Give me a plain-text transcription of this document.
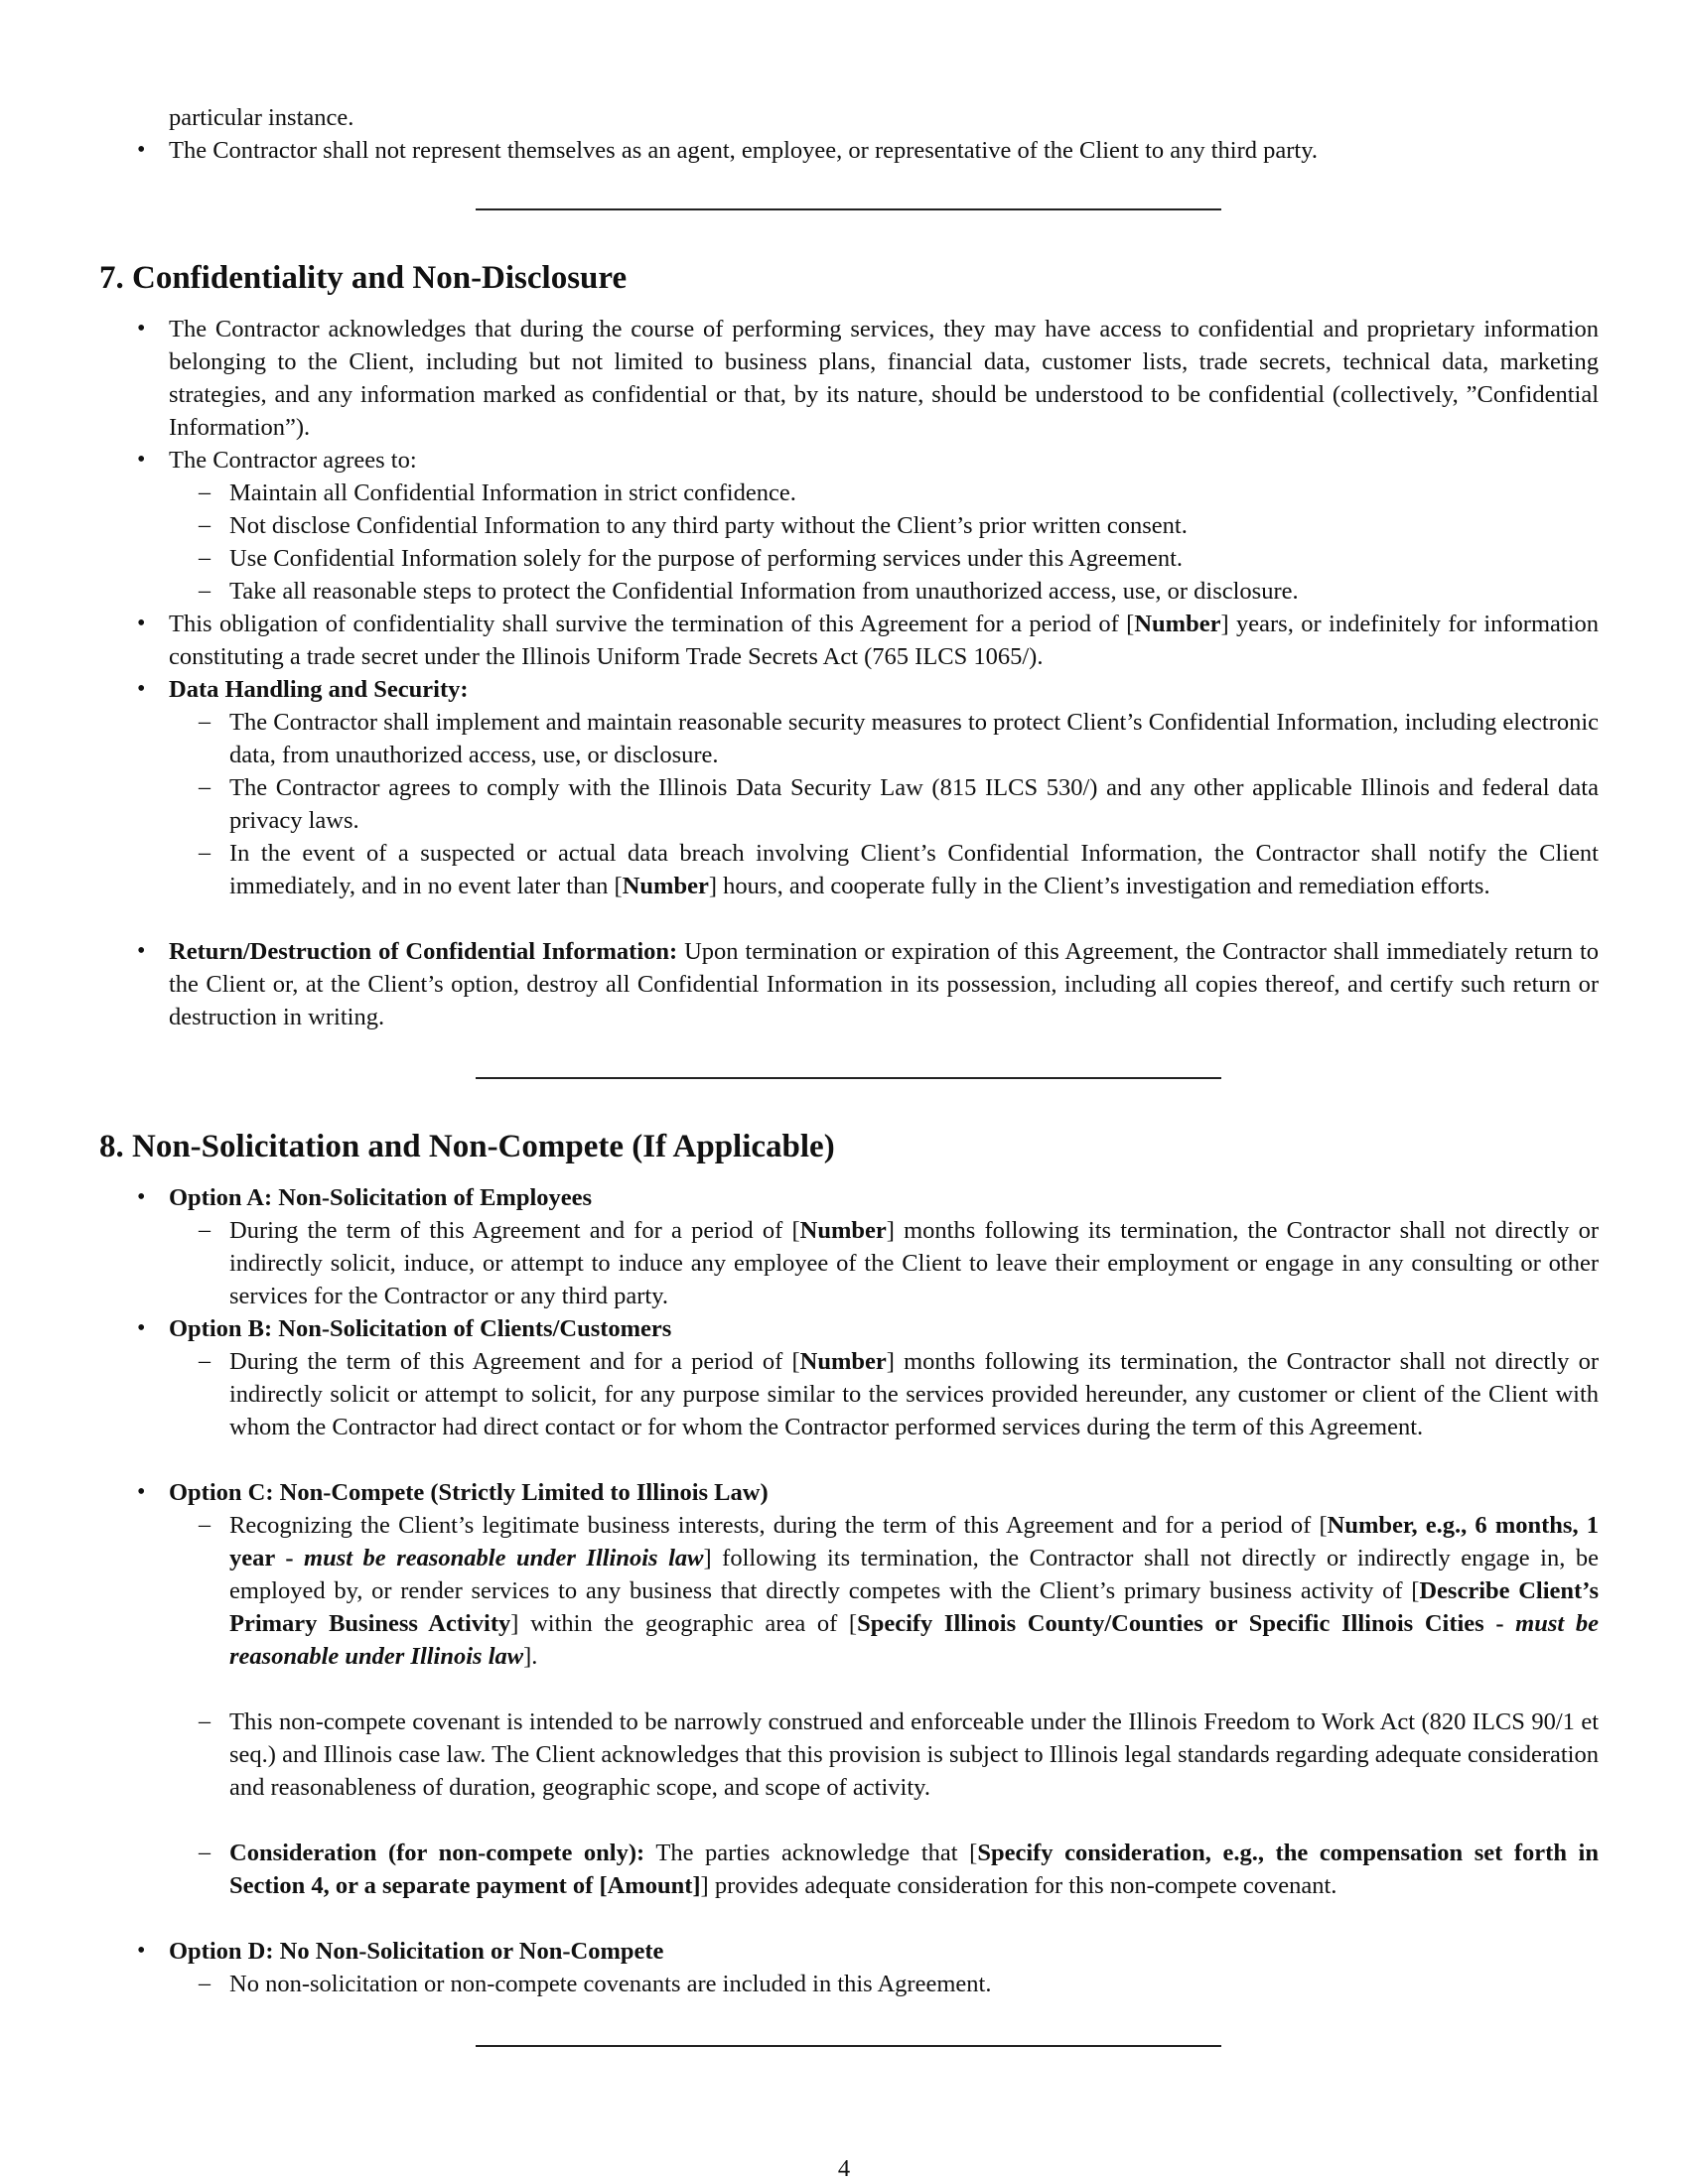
particular instance.
• The Contractor shall not represent themselves as an agent, employee, or representative of the Client to any third party.
7. Confidentiality and Non-Disclosure
• The Contractor acknowledges that during the course of performing services, they may have access to confidential and proprietary information belonging to the Client, including but not limited to business plans, financial data, customer lists, trade secrets, technical data, marketing strategies, and any information marked as confidential or that, by its nature, should be understood to be confidential (collectively, ”Confidential Information”).
• The Contractor agrees to:
– Maintain all Confidential Information in strict confidence.
– Not disclose Confidential Information to any third party without the Client’s prior written consent.
– Use Confidential Information solely for the purpose of performing services under this Agreement.
– Take all reasonable steps to protect the Confidential Information from unauthorized access, use, or disclosure.
• This obligation of confidentiality shall survive the termination of this Agreement for a period of [Number] years, or indefinitely for information constituting a trade secret under the Illinois Uniform Trade Secrets Act (765 ILCS 1065/).
• Data Handling and Security:
– The Contractor shall implement and maintain reasonable security measures to protect Client’s Confidential Information, including electronic data, from unauthorized access, use, or disclosure.
– The Contractor agrees to comply with the Illinois Data Security Law (815 ILCS 530/) and any other applicable Illinois and federal data privacy laws.
– In the event of a suspected or actual data breach involving Client’s Confidential Information, the Contractor shall notify the Client immediately, and in no event later than [Number] hours, and cooperate fully in the Client’s investigation and remediation efforts.
• Return/Destruction of Confidential Information: Upon termination or expiration of this Agreement, the Contractor shall immediately return to the Client or, at the Client’s option, destroy all Confidential Information in its possession, including all copies thereof, and certify such return or destruction in writing.
8. Non-Solicitation and Non-Compete (If Applicable)
• Option A: Non-Solicitation of Employees
– During the term of this Agreement and for a period of [Number] months following its termination, the Contractor shall not directly or indirectly solicit, induce, or attempt to induce any employee of the Client to leave their employment or engage in any consulting or other services for the Contractor or any third party.
• Option B: Non-Solicitation of Clients/Customers
– During the term of this Agreement and for a period of [Number] months following its termination, the Contractor shall not directly or indirectly solicit or attempt to solicit, for any purpose similar to the services provided hereunder, any customer or client of the Client with whom the Contractor had direct contact or for whom the Contractor performed services during the term of this Agreement.
• Option C: Non-Compete (Strictly Limited to Illinois Law)
– Recognizing the Client’s legitimate business interests, during the term of this Agreement and for a period of [Number, e.g., 6 months, 1 year - must be reasonable under Illinois law] following its termination, the Contractor shall not directly or indirectly engage in, be employed by, or render services to any business that directly competes with the Client’s primary business activity of [Describe Client’s Primary Business Activity] within the geographic area of [Specify Illinois County/Counties or Specific Illinois Cities - must be reasonable under Illinois law].
– This non-compete covenant is intended to be narrowly construed and enforceable under the Illinois Freedom to Work Act (820 ILCS 90/1 et seq.) and Illinois case law. The Client acknowledges that this provision is subject to Illinois legal standards regarding adequate consideration and reasonableness of duration, geographic scope, and scope of activity.
– Consideration (for non-compete only): The parties acknowledge that [Specify consideration, e.g., the compensation set forth in Section 4, or a separate payment of [Amount]] provides adequate consideration for this non-compete covenant.
• Option D: No Non-Solicitation or Non-Compete
– No non-solicitation or non-compete covenants are included in this Agreement.
4
